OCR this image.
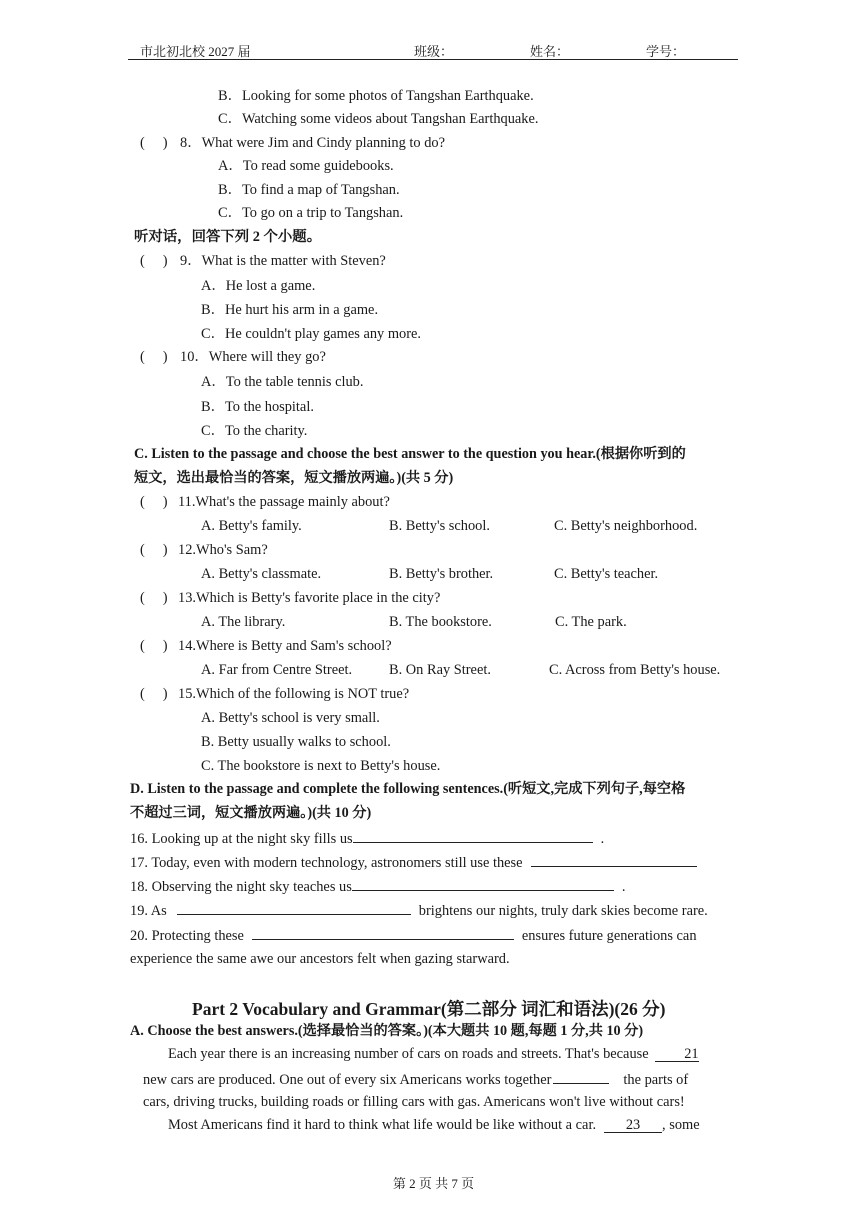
市北初北校 2027 届	班级：	姓名：	学号：
B．Looking for some photos of Tangshan Earthquake.
C．Watching some videos about Tangshan Earthquake.
(　 ) 8．What were Jim and Cindy planning to do?
A．To read some guidebooks.
B．To find a map of Tangshan.
C．To go on a trip to Tangshan.
听对话，回答下列 2 个小题。
(　 ) 9．What is the matter with Steven?
A．He lost a game.
B．He hurt his arm in a game.
C．He couldn't play games any more.
(　 ) 10．Where will they go?
A．To the table tennis club.
B．To the hospital.
C．To the charity.
C. Listen to the passage and choose the best answer to the question you hear.(根据你听到的
短文，选出最恰当的答案，短文播放两遍。)(共 5 分)
(　 ) 11.What's the passage mainly about?
A. Betty's family.	B. Betty's school.	C. Betty's neighborhood.
(　 ) 12.Who's Sam?
A. Betty's classmate.	B. Betty's brother.	C. Betty's teacher.
(　 ) 13.Which is Betty's favorite place in the city?
A. The library.	B. The bookstore.	C. The park.
(　 ) 14.Where is Betty and Sam's school?
A. Far from Centre Street.	B. On Ray Street.	C. Across from Betty's house.
(　 ) 15.Which of the following is NOT true?
A. Betty's school is very small.
B. Betty usually walks to school.
C. The bookstore is next to Betty's house.
D. Listen to the passage and complete the following sentences.(听短文,完成下列句子,每空格
不超过三词，短文播放两遍。)(共 10 分)
16. Looking up at the night sky fills us	.
17. Today, even with modern technology, astronomers still use these
18. Observing the night sky teaches us	.
19. As	brightens our nights, truly dark skies become rare.
20. Protecting these	ensures future generations can
experience the same awe our ancestors felt when gazing starward.
Part 2 Vocabulary and Grammar(第二部分 词汇和语法)(26 分)
A. Choose the best answers.(选择最恰当的答案。)(本大题共 10 题,每题 1 分,共 10 分)
Each year there is an increasing number of cars on roads and streets. That's because 21
new cars are produced. One out of every six Americans works together	the parts of
cars, driving trucks, building roads or filling cars with gas. Americans won't live without cars!
Most Americans find it hard to think what life would be like without a car. 23 , some
第 2 页 共 7 页
